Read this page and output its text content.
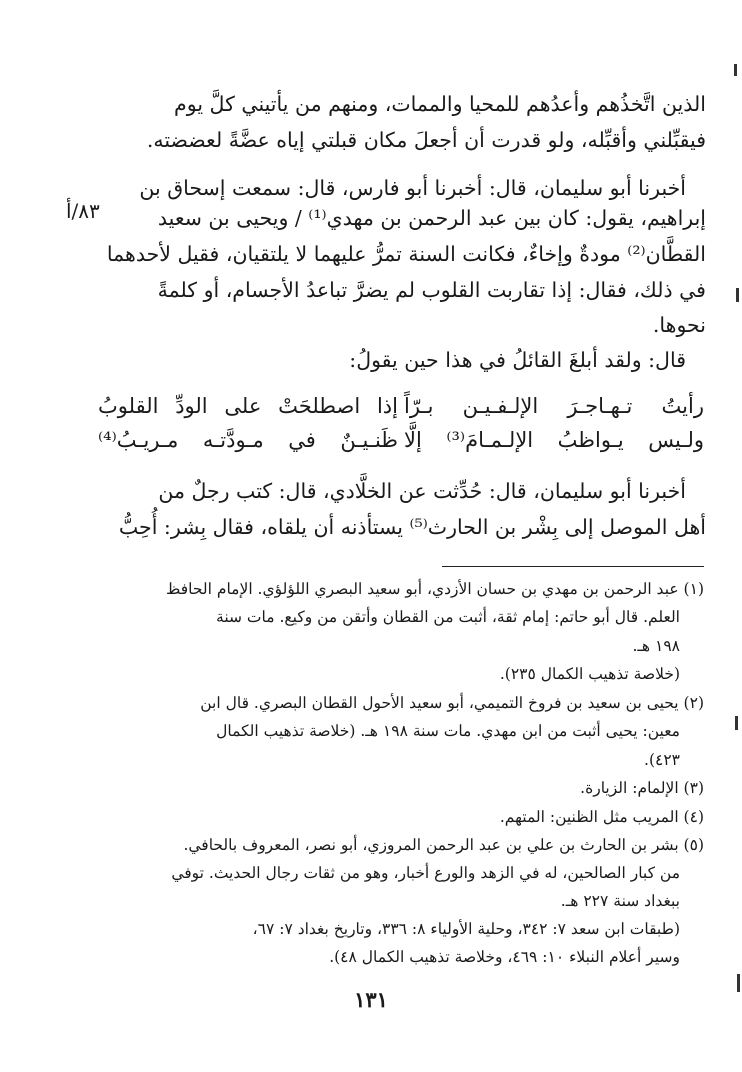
الذين اتَّخذُهم وأعدُهم للمحيا والممات، ومنهم من يأتيني كلَّ يوم
فيقبِّلني وأقبِّله، ولو قدرت أن أجعلَ مكان قبلتي إياه عضَّةً لعضضته.
أخبرنا أبو سليمان، قال: أخبرنا أبو فارس، قال: سمعت إسحاق بن
إبراهيم، يقول: كان بين عبد الرحمن بن مهدي⁽¹⁾ / ويحيى بن سعيد
القطَّان⁽²⁾ مودةٌ وإخاءٌ، فكانت السنة تمرُّ عليهما لا يلتقيان، فقيل لأحدهما
في ذلك، فقال: إذا تقاربت القلوب لم يضرَّ تباعدُ الأجسام، أو كلمةً
نحوها.
قال: ولقد أبلغَ القائلُ في هذا حين يقولُ:
٨٣/أ
رأيتُ تـهـاجـرَ الإلـفـيـن بـرّاً
إذا اصطلحَتْ على الودِّ القلوبُ
ولـيس يـواظبُ الإلـمـامَ⁽³⁾ إلَّا
ظَنـيـنٌ في مـودَّتـه مـريـبُ⁽⁴⁾
أخبرنا أبو سليمان، قال: حُدِّثت عن الخلَّادي، قال: كتب رجلٌ من
أهل الموصل إلى بِشْر بن الحارث⁽⁵⁾ يستأذنه أن يلقاه، فقال بِشر: أُحِبُّ
(١) عبد الرحمن بن مهدي بن حسان الأزدي، أبو سعيد البصري اللؤلؤي. الإمام الحافظ
العلم. قال أبو حاتم: إمام ثقة، أثبت من القطان وأتقن من وكيع. مات سنة
١٩٨ هـ.
(خلاصة تذهيب الكمال ٢٣٥).
(٢) يحيى بن سعيد بن فروخ التميمي، أبو سعيد الأحول القطان البصري. قال ابن
معين: يحيى أثبت من ابن مهدي. مات سنة ١٩٨ هـ. (خلاصة تذهيب الكمال
٤٢٣).
(٣) الإلمام: الزيارة.
(٤) المريب مثل الظنين: المتهم.
(٥) بشر بن الحارث بن علي بن عبد الرحمن المروزي، أبو نصر، المعروف بالحافي.
من كبار الصالحين، له في الزهد والورع أخبار، وهو من ثقات رجال الحديث. توفي
ببغداد سنة ٢٢٧ هـ.
(طبقات ابن سعد ٧: ٣٤٢، وحلية الأولياء ٨: ٣٣٦، وتاريخ بغداد ٧: ٦٧،
وسير أعلام النبلاء ١٠: ٤٦٩، وخلاصة تذهيب الكمال ٤٨).
١٣١
